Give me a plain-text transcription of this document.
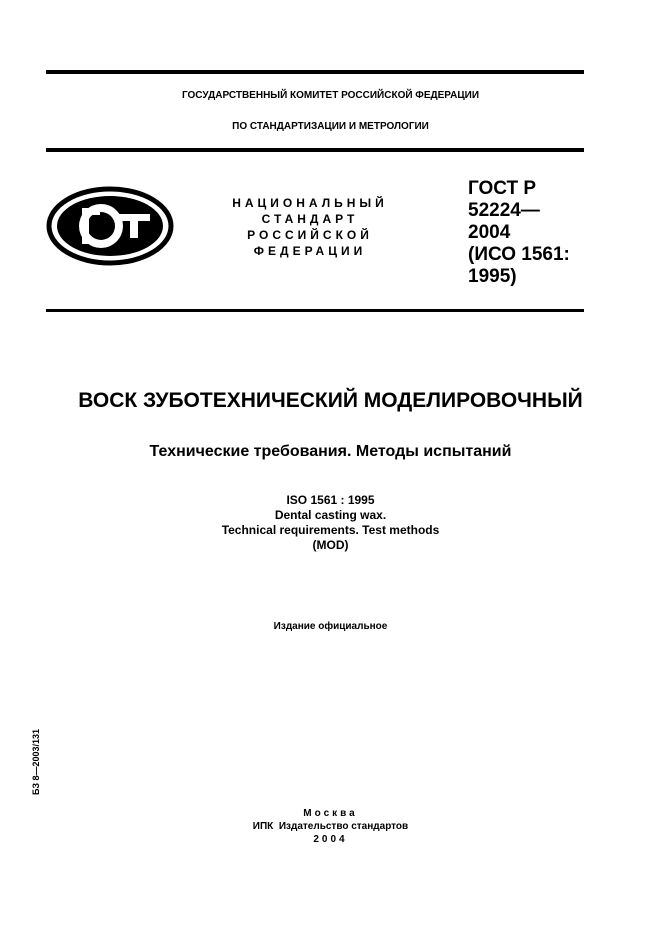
ГОСУДАРСТВЕННЫЙ КОМИТЕТ РОССИЙСКОЙ ФЕДЕРАЦИИ
ПО СТАНДАРТИЗАЦИИ И МЕТРОЛОГИИ
НАЦИОНАЛЬНЫЙ
СТАНДАРТ
РОССИЙСКОЙ
ФЕДЕРАЦИИ
ГОСТ Р
52224—
2004
(ИСО 1561:
1995)
ВОСК ЗУБОТЕХНИЧЕСКИЙ МОДЕЛИРОВОЧНЫЙ
Технические требования. Методы испытаний
ISO 1561 : 1995
Dental casting wax.
Technical requirements. Test methods
(MOD)
Издание официальное
БЗ 8—2003/131
Москва
ИПК  Издательство стандартов
2004
